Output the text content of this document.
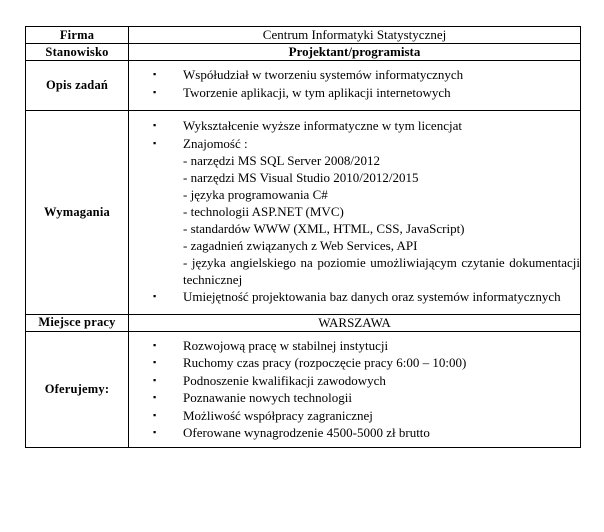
Firma	Centrum Informatyki Statystycznej
Stanowisko	Projektant/programista
Opis zadań	
▪ Współudział w tworzeniu systemów informatycznych
▪ Tworzenie aplikacji, w tym aplikacji internetowych

Wymagania	
▪ Wykształcenie wyższe informatyczne w tym licencjat
▪ Znajomość :
- narzędzi MS SQL Server 2008/2012
- narzędzi MS Visual Studio 2010/2012/2015
- języka programowania C#
- technologii ASP.NET (MVC)
- standardów WWW (XML, HTML, CSS, JavaScript)
- zagadnień związanych z Web Services, API
- języka angielskiego na poziomie umożliwiającym czytanie dokumentacji technicznej
▪ Umiejętność projektowania baz danych oraz systemów informatycznych

Miejsce pracy	WARSZAWA
Oferujemy:	
▪ Rozwojową pracę w stabilnej instytucji
▪ Ruchomy czas pracy (rozpoczęcie pracy 6:00 – 10:00)
▪ Podnoszenie kwalifikacji zawodowych
▪ Poznawanie nowych technologii
▪ Możliwość współpracy zagranicznej
▪ Oferowane wynagrodzenie 4500-5000 zł brutto
